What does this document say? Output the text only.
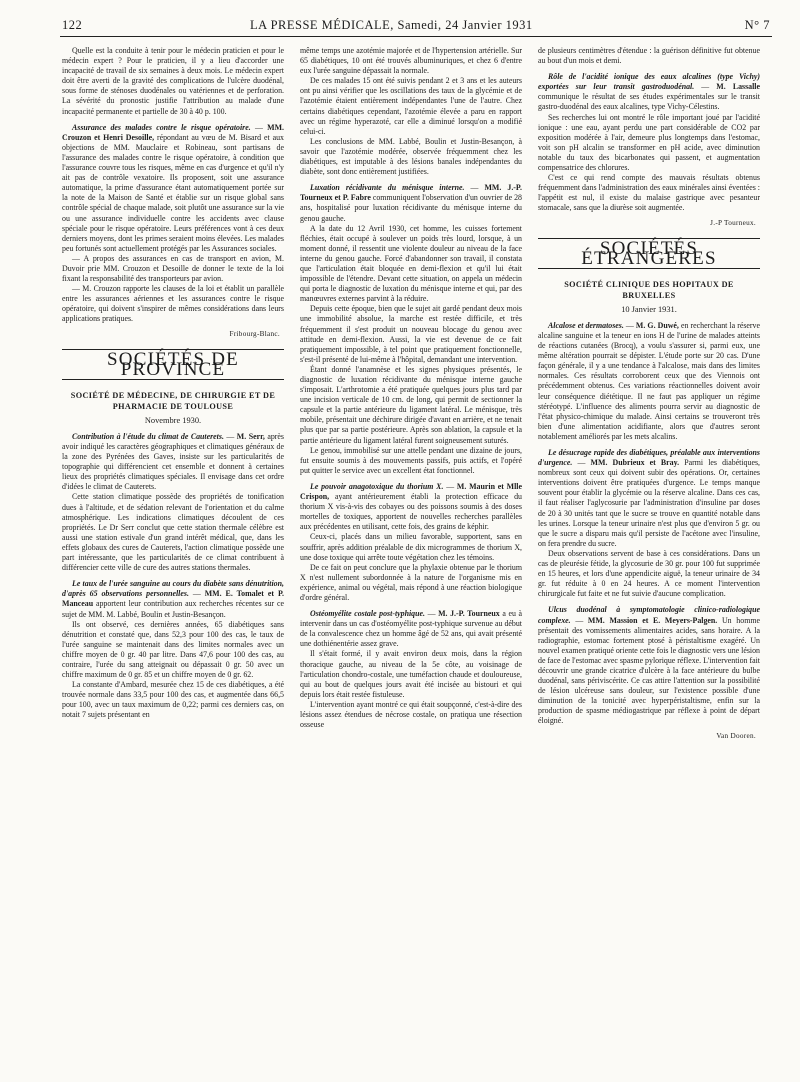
122	LA PRESSE MÉDICALE, Samedi, 24 Janvier 1931	N° 7

Quelle est la conduite à tenir pour le médecin praticien et pour le médecin expert ? Pour le praticien, il y a lieu d'accorder une incapacité de travail de six semaines à deux mois. Le médecin expert doit être averti de la gravité des complications de l'ulcère duodénal, sous forme de sténoses duodénales ou vatériennes et de perforation. La sévérité du pronostic justifie l'attribution au malade d'une incapacité permanente et partielle de 30 à 40 p. 100.

Assurance des malades contre le risque opératoire. — MM. Crouzon et Henri Desoille, répondant au vœu de M. Bisard et aux objections de MM. Mauclaire et Robineau, sont partisans de l'assurance des malades contre le risque opératoire, à condition que l'assurance couvre tous les risques, même en cas d'urgence et qu'il n'y ait pas de contrôle vexatoire. Ils proposent, soit une assurance automatique, la prime d'assurance étant automatiquement portée sur la note de la Maison de Santé et établie sur un risque global sans contrôle spécial de chaque malade, soit plutôt une assurance sur la vie ou une assurance individuelle contre les accidents avec clause spéciale pour le risque opératoire. Leurs préférences vont à ces deux derniers moyens, dont les primes seraient moins élevées. Les malades peu fortunés sont actuellement protégés par les Assurances sociales.

— A propos des assurances en cas de transport en avion, M. Duvoir prie MM. Crouzon et Desoille de donner le texte de la loi fixant la responsabilité des transporteurs par avion.

— M. Crouzon rapporte les clauses de la loi et établit un parallèle entre les assurances aériennes et les assurances contre le risque opératoire, qui doivent s'inspirer de mêmes considérations dans leurs applications pratiques.

Fribourg-Blanc.
SOCIÉTÉS DE PROVINCE
SOCIÉTÉ DE MÉDECINE, DE CHIRURGIE ET DE PHARMACIE DE TOULOUSE
Novembre 1930.

Contribution à l'étude du climat de Cauterets. — M. Serr, après avoir indiqué les caractères géographiques et climatiques généraux de la zone des Pyrénées des Gaves, insiste sur les particularités de topographie qui différencient cet ensemble et donnent à certaines lieux des propriétés climatiques spéciales. Il envisage dans cet ordre d'idées le climat de Cauterets.

Cette station climatique possède des propriétés de tonification dues à l'altitude, et de sédation relevant de l'orientation et du calme atmosphérique. Les indications climatiques découlent de ces propriétés. Le Dr Serr conclut que cette station thermale célèbre est aussi une station estivale d'un grand intérêt médical, que, dans les effets globaux des cures de Cauterets, l'action climatique possède une part intéressante, que les particularités de ce climat contribuent à différencier cette ville de cure des autres stations thermales.

Le taux de l'urée sanguine au cours du diabète sans dénutrition, d'après 65 observations personnelles. — MM. E. Tomalet et P. Manceau apportent leur contribution aux recherches récentes sur ce sujet de MM. M. Labbé, Boulin et Justin-Besançon.

Ils ont observé, ces dernières années, 65 diabétiques sans dénutrition et constaté que, dans 52,3 pour 100 des cas, le taux de l'urée sanguine se maintenait dans des limites normales avec un chiffre moyen de 0 gr. 40 par litre. Dans 47,6 pour 100 des cas, au contraire, l'urée du sang atteignait ou dépassait 0 gr. 50 avec un chiffre maximum de 0 gr. 85 et un chiffre moyen de 0 gr. 62.

La constante d'Ambard, mesurée chez 15 de ces diabétiques, a été trouvée normale dans 33,5 pour 100 des cas, et augmentée dans 66,5 pour 100, avec un taux maximum de 0,22; parmi ces derniers cas, on notait 7 sujets présentant en

même temps une azotémie majorée et de l'hypertension artérielle. Sur 65 diabétiques, 10 ont été trouvés albuminuriques, et chez 6 d'entre eux l'urée sanguine dépassait la normale.

De ces malades 15 ont été suivis pendant 2 et 3 ans et les auteurs ont pu ainsi vérifier que les oscillations des taux de la glycémie et de l'azotémie étaient entièrement indépendantes l'une de l'autre. Chez certains diabétiques cependant, l'azotémie élevée a paru en rapport avec un régime hyperazoté, car elle a diminué lorsqu'on a modifié celui-ci.

Les conclusions de MM. Labbé, Boulin et Justin-Besançon, à savoir que l'azotémie modérée, observée fréquemment chez les diabétiques, est imputable à des lésions banales indépendantes du diabète, sont donc entièrement justifiées.

Luxation récidivante du ménisque interne. — MM. J.-P. Tourneux et P. Fabre communiquent l'observation d'un ouvrier de 28 ans, hospitalisé pour luxation récidivante du ménisque interne du genou gauche.

A la date du 12 Avril 1930, cet homme, les cuisses fortement fléchies, était occupé à soulever un poids très lourd, lorsque, à un moment donné, il ressentit une violente douleur au niveau de la face interne du genou gauche. Forcé d'abandonner son travail, il constata que l'articulation était bloquée en demi-flexion et qu'il lui était impossible de l'étendre. Devant cette situation, on appela un médecin qui porta le diagnostic de luxation du ménisque interne et qui, par des manœuvres externes parvint à la réduire.

Depuis cette époque, bien que le sujet ait gardé pendant deux mois une immobilité absolue, la marche est restée difficile, et très fréquemment il s'est produit un nouveau blocage du genou avec attitude en demi-flexion. Aussi, la vie est devenue de ce fait pratiquement impossible, à tel point que pratiquement fonctionnelle, s'est-il présenté de lui-même à l'hôpital, demandant une intervention.

Étant donné l'anamnèse et les signes physiques présentés, le diagnostic de luxation récidivante du ménisque interne gauche s'imposait. L'arthrotomie a été pratiquée quelques jours plus tard par une incision verticale de 10 cm. de long, qui permit de sectionner la capsule et la partie antérieure du ligament latéral. Le ménisque, très mobile, présentait une déchirure dirigée d'avant en arrière, et ne tenait plus que par sa partie postérieure. Après son ablation, la capsule et la partie antérieure du ligament latéral furent soigneusement suturés.

Le genou, immobilisé sur une attelle pendant une dizaine de jours, fut ensuite soumis à des mouvements passifs, puis actifs, et l'opéré put quitter le service avec un excellent état fonctionnel.

Le pouvoir anagotoxique du thorium X. — M. Maurin et Mlle Crispon, ayant antérieurement établi la protection efficace du thorium X vis-à-vis des cobayes ou des poissons soumis à des doses mortelles de toxiques, apportent de nouvelles recherches parallèles aux précédentes en utilisant, cette fois, des grains de képhir.

Ceux-ci, placés dans un milieu favorable, supportent, sans en souffrir, après addition préalable de dix microgrammes de thorium X, une dose toxique qui arrête toute végétation chez les témoins.

De ce fait on peut conclure que la phylaxie obtenue par le thorium X n'est nullement subordonnée à la nature de l'organisme mis en expérience, animal ou végétal, mais répond à une réaction biologique d'ordre général.

Ostéomyélite costale post-typhique. — M. J.-P. Tourneux a eu à intervenir dans un cas d'ostéomyélite post-typhique survenue au début de la convalescence chez un homme âgé de 52 ans, qui avait présenté une dothiénentérie assez grave.

Il s'était formé, il y avait environ deux mois, dans la région thoracique gauche, au niveau de la 5e côte, au voisinage de l'articulation chondro-costale, une tuméfaction chaude et douloureuse, qui au bout de quelques jours avait été incisée au bistouri et qui depuis lors était restée fistuleuse.

L'intervention ayant montré ce qui était soupçonné, c'est-à-dire des lésions assez étendues de nécrose costale, on pratiqua une résection osseuse

de plusieurs centimètres d'étendue : la guérison définitive fut obtenue au bout d'un mois et demi.

Rôle de l'acidité ionique des eaux alcalines (type Vichy) exportées sur leur transit gastroduodénal. — M. Lassalle communique le résultat de ses études expérimentales sur le transit gastro-duodénal des eaux alcalines, type Vichy-Célestins.

Ses recherches lui ont montré le rôle important joué par l'acidité ionique : une eau, ayant perdu une part considérable de CO2 par exposition modérée à l'air, demeure plus longtemps dans l'estomac, voit son pH alcalin se transformer en pH acide, avec diminution notable du taux des bicarbonates qui passent, et augmentation compensatrice des chlorures.

C'est ce qui rend compte des mauvais résultats obtenus fréquemment dans l'administration des eaux minérales ainsi éventées : l'appétit est nul, il existe du malaise gastrique avec pesanteur stomacale, sans que la diurèse soit augmentée.

J.-P Tourneux.
SOCIÉTÉS ÉTRANGÈRES
SOCIÉTÉ CLINIQUE DES HOPITAUX DE BRUXELLES
10 Janvier 1931.

Alcalose et dermatoses. — M. G. Duwé, en recherchant la réserve alcaline sanguine et la teneur en ions H de l'urine de malades atteints de réactions cutanées (Brocq), a voulu s'assurer si, parmi eux, une même altération pourrait se dépister. L'étude porte sur 20 cas. D'une façon générale, il y a une tendance à l'alcalose, mais dans des limites normales. Ces résultats corroborent ceux que des Viennois ont précédemment obtenus. Ces variations réactionnelles doivent avoir leur conséquence diététique. Il ne faut pas appliquer un régime stéréotypé. L'influence des aliments pourra servir au diagnostic de l'état physico-chimique du malade. Ainsi certains se trouveront très bien d'une alimentation acidifiante, alors que d'autres seront notablement améliorés par les mets alcalins.

Le désucrage rapide des diabétiques, préalable aux interventions d'urgence. — MM. Dubrieux et Bray. Parmi les diabétiques, nombreux sont ceux qui doivent subir des opérations. Or, certaines interventions doivent être pratiquées d'urgence. Le temps manque souvent pour établir la glycémie ou la réserve alcaline. Dans ces cas, il faut réaliser l'aglycosurie par l'administration d'insuline par doses de 20 à 30 unités tant que le sucre se trouve en quantité notable dans les urines. Lorsque la teneur urinaire n'est plus que d'environ 5 gr. ou que le sucre a disparu mais qu'il persiste de l'acétone avec l'insuline, on fera prendre du sucre.

Deux observations servent de base à ces considérations. Dans un cas de pleurésie fétide, la glycosurie de 30 gr. pour 100 fut supprimée en 15 heures, et lors d'une appendicite aiguë, la teneur urinaire de 34 gr. fut réduite à 0 en 24 heures. A ce moment l'intervention chirurgicale fut faite et ne fut suivie d'aucune complication.

Ulcus duodénal à symptomatologie clinico-radiologique complexe. — MM. Massion et E. Meyers-Palgen. Un homme présentait des vomissements alimentaires acides, sans horaire. A la radiographie, estomac fortement ptosé à péristaltisme exagéré. Un nouvel examen pratiqué oriente cette fois le diagnostic vers une lésion de face de l'estomac avec spasme pylorique réflexe. L'intervention fait découvrir une grande cicatrice d'ulcère à la face antérieure du bulbe duodénal, sans périviscérite. Ce cas attire l'attention sur la possibilité de lésion ulcéreuse sans douleur, sur l'existence possible d'une diminution de la tonicité avec hyperpéristaltisme, enfin sur la production de spasme médiogastrique par réflexe à point de départ éloigné.

Van Dooren.
